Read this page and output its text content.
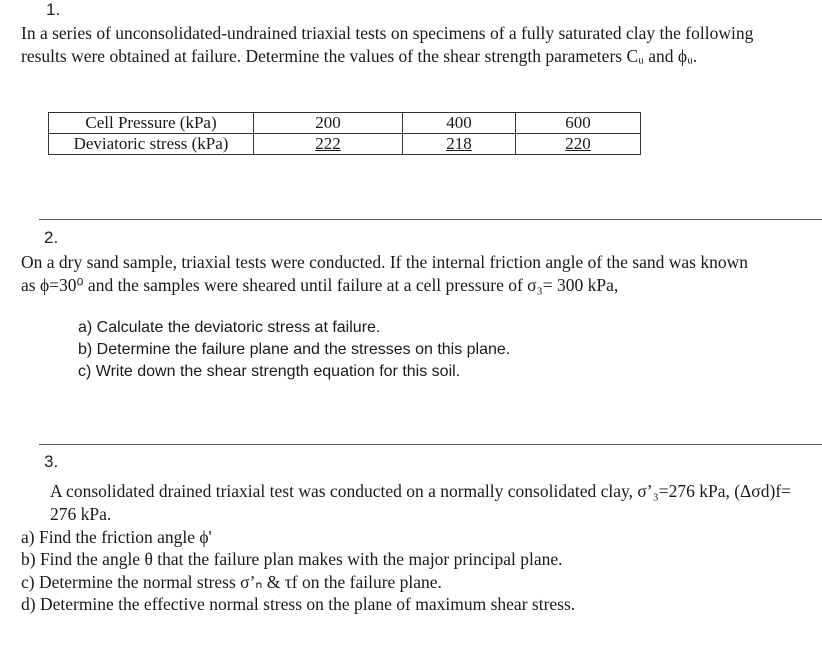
1.
In a series of unconsolidated-undrained triaxial tests on specimens of a fully saturated clay the following
results were obtained at failure. Determine the values of the shear strength parameters Cᵤ and ϕᵤ.
Cell Pressure (kPa)	200	400	600
Deviatoric stress (kPa)	222	218	220
2.
On a dry sand sample, triaxial tests were conducted. If the internal friction angle of the sand was known
as ϕ=30⁰ and the samples were sheared until failure at a cell pressure of σ₃= 300 kPa,
a) Calculate the deviatoric stress at failure.
b) Determine the failure plane and the stresses on this plane.
c) Write down the shear strength equation for this soil.
3.
A consolidated drained triaxial test was conducted on a normally consolidated clay, σ’₃=276 kPa, (Δσd)f=
276 kPa.
a) Find the friction angle ϕ'
b) Find the angle θ that the failure plan makes with the major principal plane.
c) Determine the normal stress σ’ₙ & τf on the failure plane.
d) Determine the effective normal stress on the plane of maximum shear stress.
